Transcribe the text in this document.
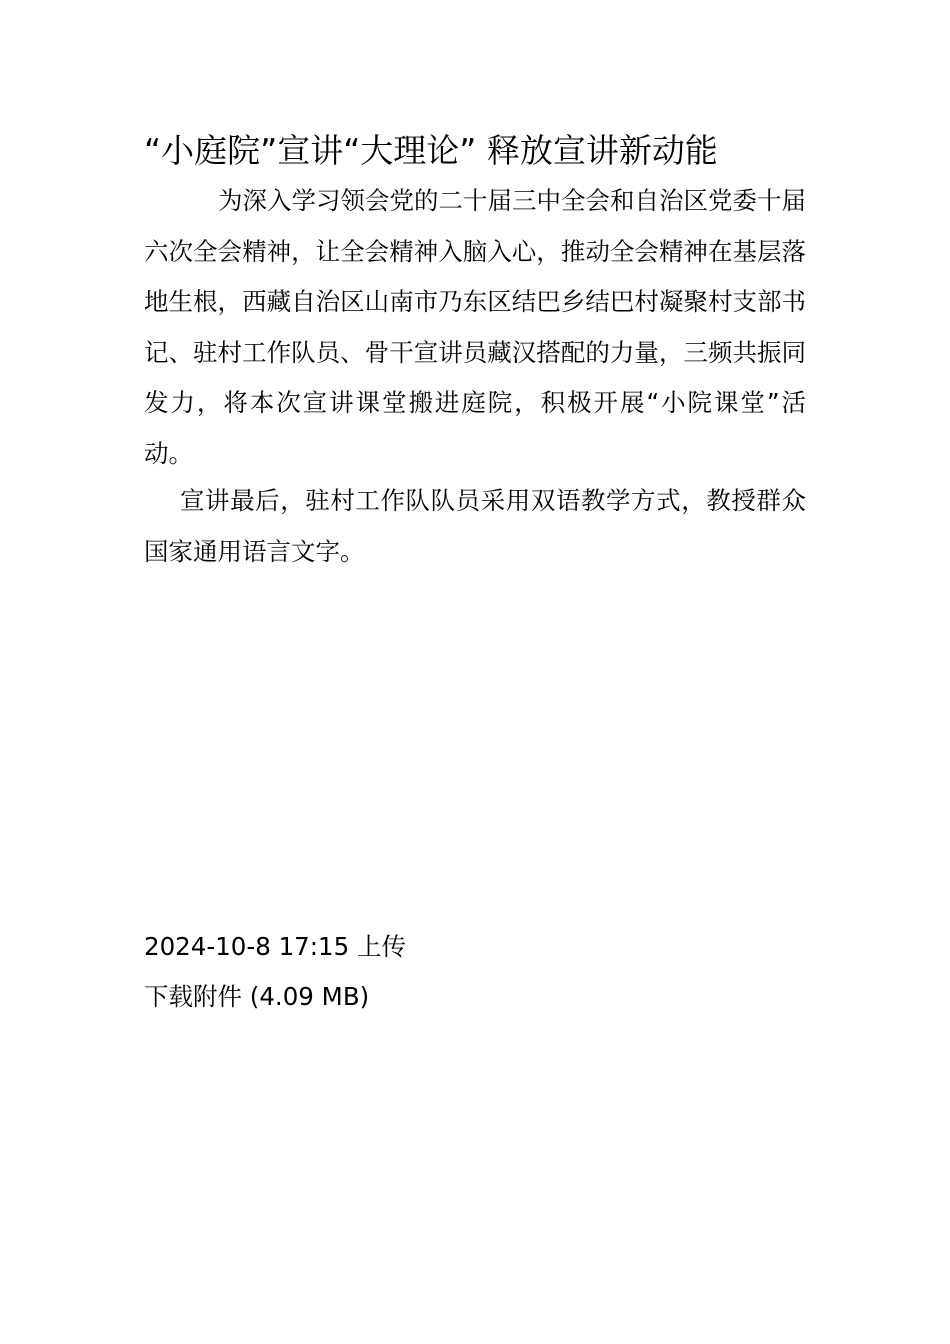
“小庭院”宣讲“大理论” 释放宣讲新动能

为深入学习领会党的二十届三中全会和自治区党委十届六次全会精神，让全会精神入脑入心，推动全会精神在基层落地生根，西藏自治区山南市乃东区结巴乡结巴村凝聚村支部书记、驻村工作队员、骨干宣讲员藏汉搭配的力量，三频共振同发力，将本次宣讲课堂搬进庭院，积极开展“小院课堂”活动。

宣讲最后，驻村工作队队员采用双语教学方式，教授群众国家通用语言文字。

2024-10-8 17:15 上传
下载附件 (4.09 MB)
